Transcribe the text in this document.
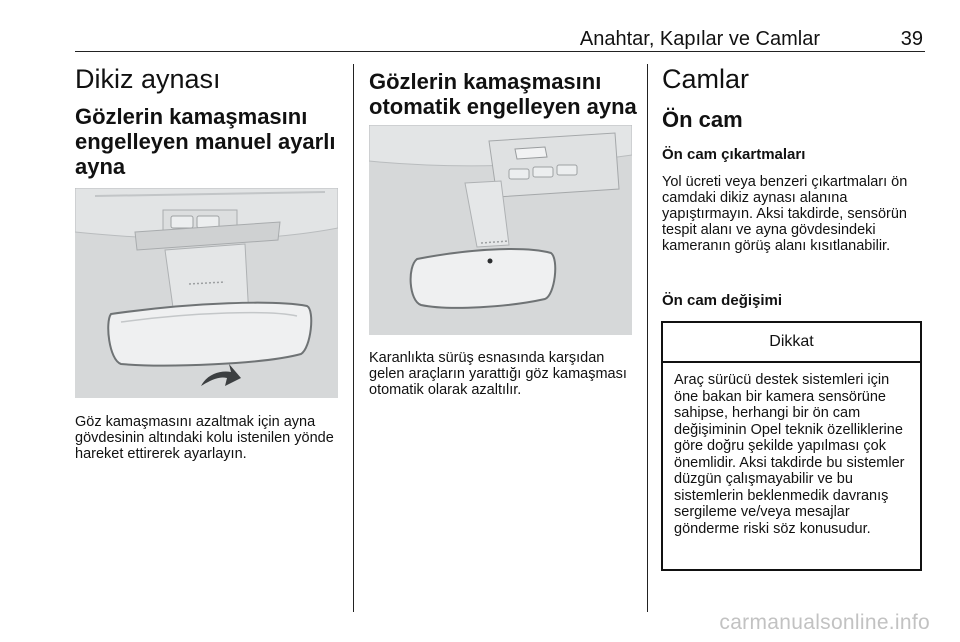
Anahtar, Kapılar ve Camlar	39
Dikiz aynası
Gözlerin kamaşmasını engelleyen manuel ayarlı ayna

Göz kamaşmasını azaltmak için ayna gövdesinin altındaki kolu istenilen yönde hareket ettirerek ayarlayın.

Gözlerin kamaşmasını otomatik engelleyen ayna

Karanlıkta sürüş esnasında karşıdan gelen araçların yarattığı göz kamaşması otomatik olarak azaltılır.

Camlar
Ön cam
Ön cam çıkartmaları

Yol ücreti veya benzeri çıkartmaları ön camdaki dikiz aynası alanına yapıştırmayın. Aksi takdirde, sensörün tespit alanı ve ayna gövdesindeki kameranın görüş alanı kısıtlanabilir.

Ön cam değişimi
Dikkat
Araç sürücü destek sistemleri için öne bakan bir kamera sensörüne sahipse, herhangi bir ön cam değişiminin Opel teknik özelliklerine göre doğru şekilde yapılması çok önemlidir. Aksi takdirde bu sistemler düzgün çalışmayabilir ve bu sistemlerin beklenmedik davranış sergileme ve/veya mesajlar gönderme riski söz konusudur.
carmanualsonline.info
